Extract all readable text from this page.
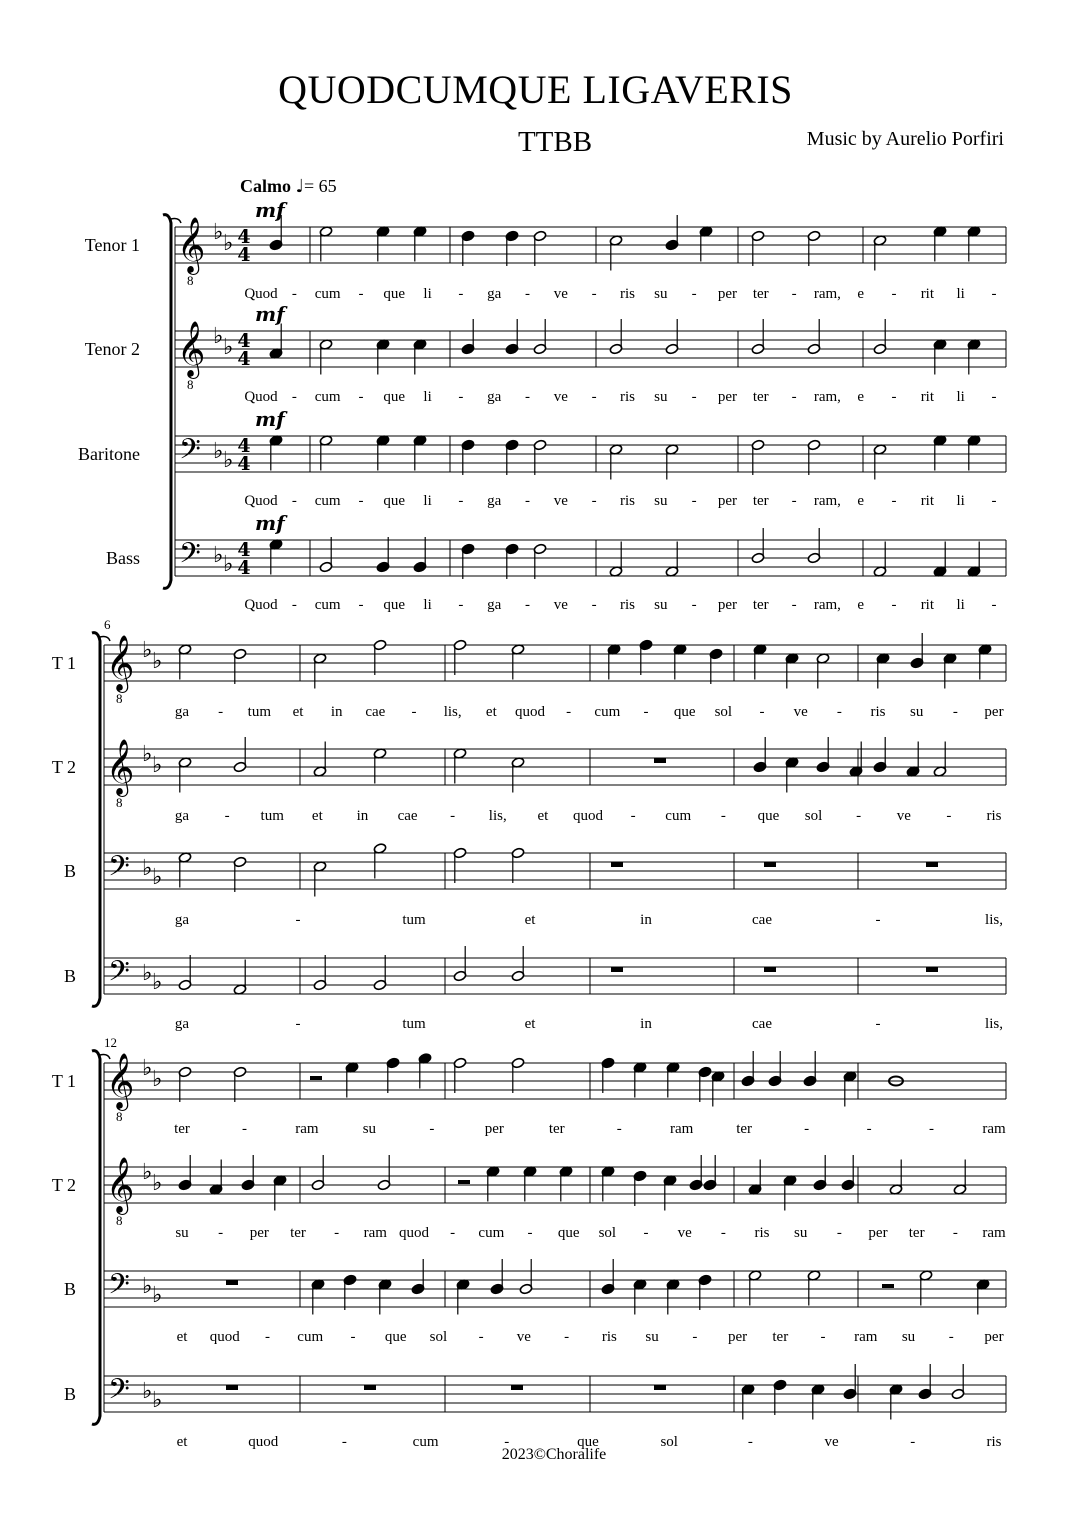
QUODCUMQUE LIGAVERIS
TTBB	Music by Aurelio Porfiri
Calmo ♩= 65
Tenor 1 𝄞
8
♭ ♭ 4
4
mf
Quod - cum - que li - ga - ve - ris su - per ter - ram, e - rit li -
Tenor 2 𝄞
8
♭ ♭ 4
4
mf
Quod - cum - que li - ga - ve - ris su - per ter - ram, e - rit li -
Baritone 𝄢 ♭ ♭
4
4
mf
Quod - cum - que li - ga - ve - ris su - per ter - ram, e - rit li -
Bass 𝄢 ♭ ♭
4
4
mf
Quod - cum - que li - ga - ve - ris su - per ter - ram, e - rit li -
6
T 1 𝄞
8
♭ ♭
ga - tum et in cae - lis, et quod - cum - que sol - ve - ris su - per
T 2 𝄞
8
♭ ♭
ga - tum et in cae - lis, et quod - cum - que sol - ve - ris
B 𝄢 ♭ ♭
ga	-	tum	et	in	cae	-	lis,
B 𝄢 ♭ ♭
ga	-	tum	et	in	cae	-	lis,
12
T 1 𝄞
8
♭ ♭
ter	-	ram	su	-	per	ter	-	ram	ter	-	-	-	ram
T 2 𝄞
8
♭ ♭
su - per ter - ram quod - cum - que sol - ve - ris su - per ter - ram
B 𝄢 ♭ ♭
et quod - cum - que sol - ve - ris su - per ter - ram su - per
B 𝄢 ♭ ♭
et	quod	-	cum	-	que	sol	-	ve	-	ris
2023©Choralife
